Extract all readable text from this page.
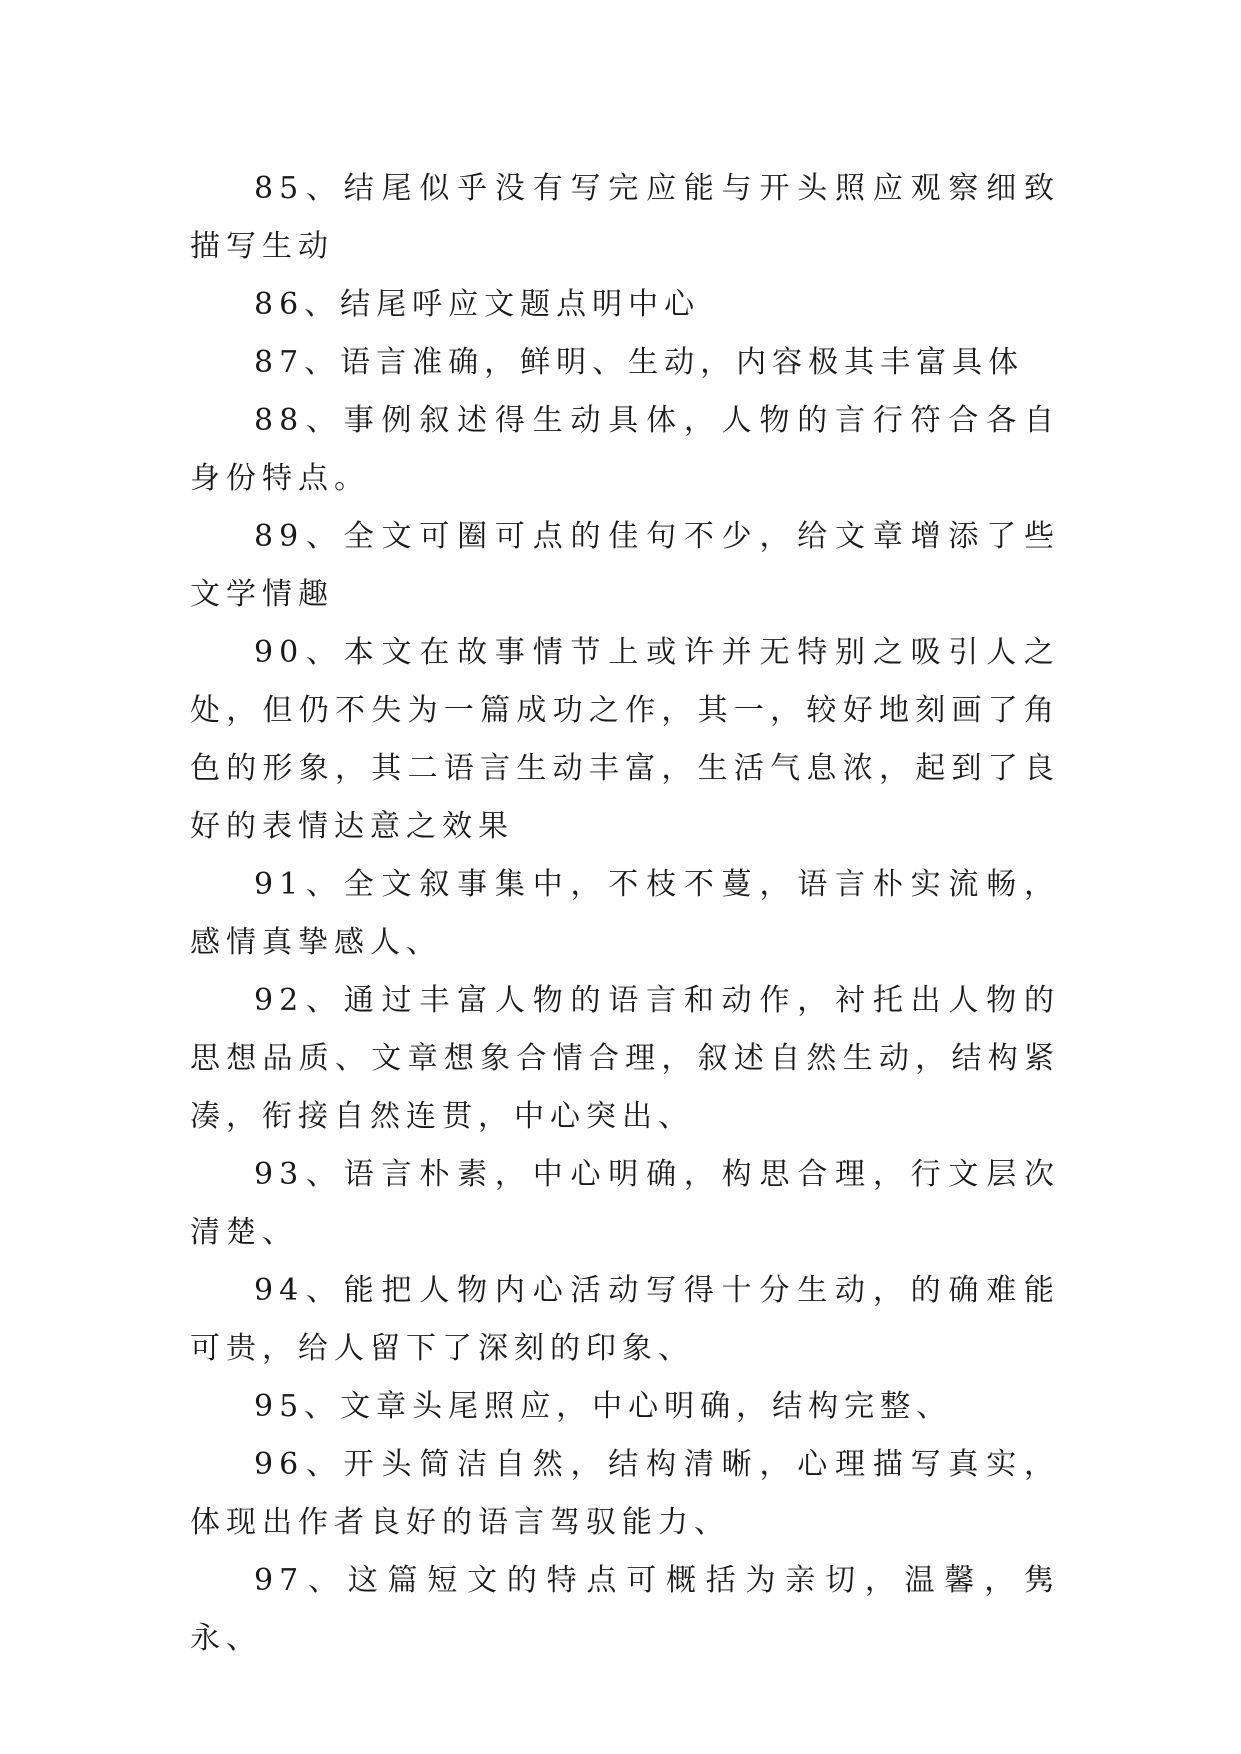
85、结尾似乎没有写完应能与开头照应观察细致描写生动

86、结尾呼应文题点明中心

87、语言准确，鲜明、生动，内容极其丰富具体

88、事例叙述得生动具体，人物的言行符合各自身份特点。

89、全文可圈可点的佳句不少，给文章增添了些文学情趣

90、本文在故事情节上或许并无特别之吸引人之处，但仍不失为一篇成功之作，其一，较好地刻画了角色的形象，其二语言生动丰富，生活气息浓，起到了良好的表情达意之效果

91、全文叙事集中，不枝不蔓，语言朴实流畅，感情真挚感人、

92、通过丰富人物的语言和动作，衬托出人物的思想品质、文章想象合情合理，叙述自然生动，结构紧凑，衔接自然连贯，中心突出、

93、语言朴素，中心明确，构思合理，行文层次清楚、

94、能把人物内心活动写得十分生动，的确难能可贵，给人留下了深刻的印象、

95、文章头尾照应，中心明确，结构完整、

96、开头简洁自然，结构清晰，心理描写真实，体现出作者良好的语言驾驭能力、

97、这篇短文的特点可概括为亲切，温馨，隽永、
